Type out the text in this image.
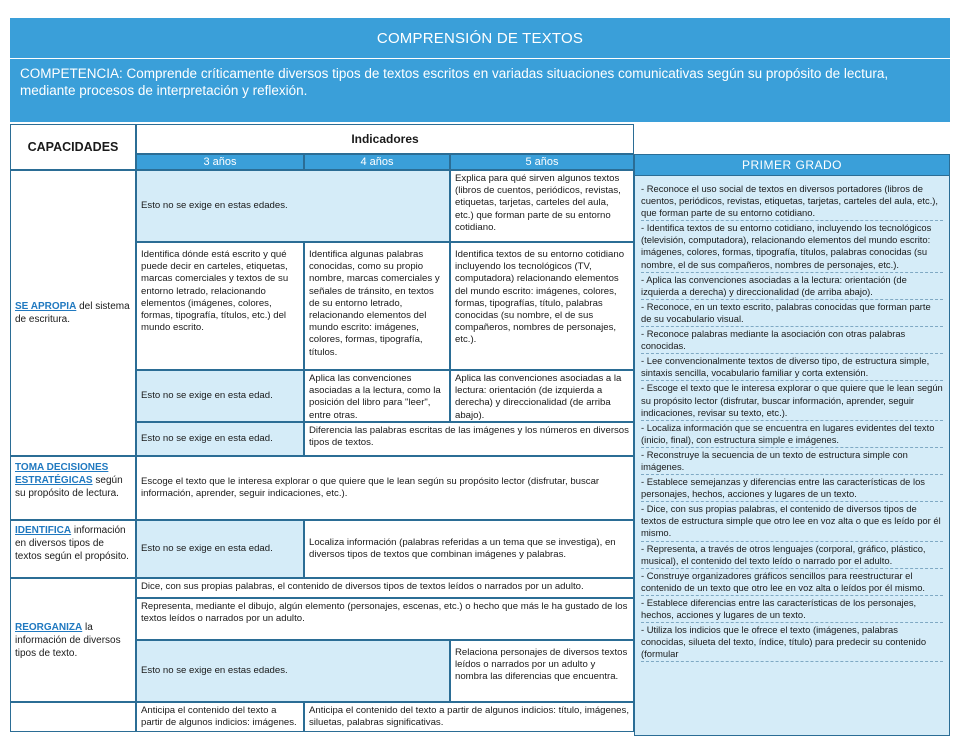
COMPRENSIÓN DE TEXTOS
COMPETENCIA: Comprende críticamente diversos tipos de textos escritos en variadas situaciones comunicativas según su propósito de lectura, mediante procesos de interpretación y reflexión.
CAPACIDADES
Indicadores
3 años	4 años	5 años
SE APROPIA del sistema de escritura.
TOMA DECISIONES ESTRATÉGICAS según su propósito de lectura.
IDENTIFICA información en diversos tipos de textos según el propósito.
REORGANIZA la información de diversos tipos de texto.
Esto no se exige en estas edades.
Explica para qué sirven algunos textos (libros de cuentos, periódicos, revistas, etiquetas, tarjetas, carteles del aula, etc.) que forman parte de su entorno cotidiano.
Identifica dónde está escrito y qué puede decir en carteles, etiquetas, marcas comerciales y textos de su entorno letrado, relacionando elementos (imágenes, colores, formas, tipografía, títulos, etc.) del mundo escrito.
Identifica algunas palabras conocidas, como su propio nombre, marcas comerciales y señales de tránsito, en textos de su entorno letrado, relacionando elementos del mundo escrito: imágenes, colores, formas, tipografía, títulos.
Identifica textos de su entorno cotidiano incluyendo los tecnológicos (TV, computadora) relacionando elementos del mundo escrito: imágenes, colores, formas, tipografías, título, palabras conocidas (su nombre, el de sus compañeros, nombres de personajes, etc.).
Esto no se exige en esta edad.
Aplica las convenciones asociadas a la lectura, como la posición del libro para "leer", entre otras.
Aplica las convenciones asociadas a la lectura: orientación (de izquierda a derecha) y direccionalidad (de arriba abajo).
Esto no se exige en esta edad.
Diferencia las palabras escritas de las imágenes y los números en diversos tipos de textos.
Escoge el texto que le interesa explorar o que quiere que le lean según su propósito lector (disfrutar, buscar información, aprender, seguir indicaciones, etc.).
Esto no se exige en esta edad.
Localiza información (palabras referidas a un tema que se investiga), en diversos tipos de textos que combinan imágenes y palabras.
Dice, con sus propias palabras, el contenido de diversos tipos de textos leídos o narrados por un adulto.
Representa, mediante el dibujo, algún elemento (personajes, escenas, etc.) o hecho que más le ha gustado de los textos leídos o narrados por un adulto.
Esto no se exige en estas edades.
Relaciona personajes de diversos textos leídos o narrados por un adulto y nombra las diferencias que encuentra.
Anticipa el contenido del texto a partir de algunos indicios: imágenes.
Anticipa el contenido del texto a partir de algunos indicios: título, imágenes, siluetas, palabras significativas.
PRIMER GRADO
- Reconoce el uso social de textos en diversos portadores (libros de cuentos, periódicos, revistas, etiquetas, tarjetas, carteles del aula, etc.), que forman parte de su entorno cotidiano.
- Identifica textos de su entorno cotidiano, incluyendo los tecnológicos (televisión, computadora), relacionando elementos del mundo escrito: imágenes, colores, formas, tipografía, títulos, palabras conocidas (su nombre, el de sus compañeros, nombres de personajes, etc.).
- Aplica las convenciones asociadas a la lectura: orientación (de izquierda a derecha) y direccionalidad (de arriba abajo).
- Reconoce, en un texto escrito, palabras conocidas que forman parte de su vocabulario visual.
- Reconoce palabras mediante la asociación con otras palabras conocidas.
- Lee convencionalmente textos de diverso tipo, de estructura simple, sintaxis sencilla, vocabulario familiar y corta extensión.
- Escoge el texto que le interesa explorar o que quiere que le lean según su propósito lector (disfrutar, buscar información, aprender, seguir indicaciones, revisar su texto, etc.).
- Localiza información que se encuentra en lugares evidentes del texto (inicio, final), con estructura simple e imágenes.
- Reconstruye la secuencia de un texto de estructura simple con imágenes.
- Establece semejanzas y diferencias entre las características de los personajes, hechos, acciones y lugares de un texto.
- Dice, con sus propias palabras, el contenido de diversos tipos de textos de estructura simple que otro lee en voz alta o que es leído por él mismo.
- Representa, a través de otros lenguajes (corporal, gráfico, plástico, musical), el contenido del texto leído o narrado por el adulto.
- Construye organizadores gráficos sencillos para reestructurar el contenido de un texto que otro lee en voz alta o leídos por él mismo.
- Establece diferencias entre las características de los personajes, hechos, acciones y lugares de un texto.
- Utiliza los indicios que le ofrece el texto (imágenes, palabras conocidas, silueta del texto, índice, título) para predecir su contenido (formular
